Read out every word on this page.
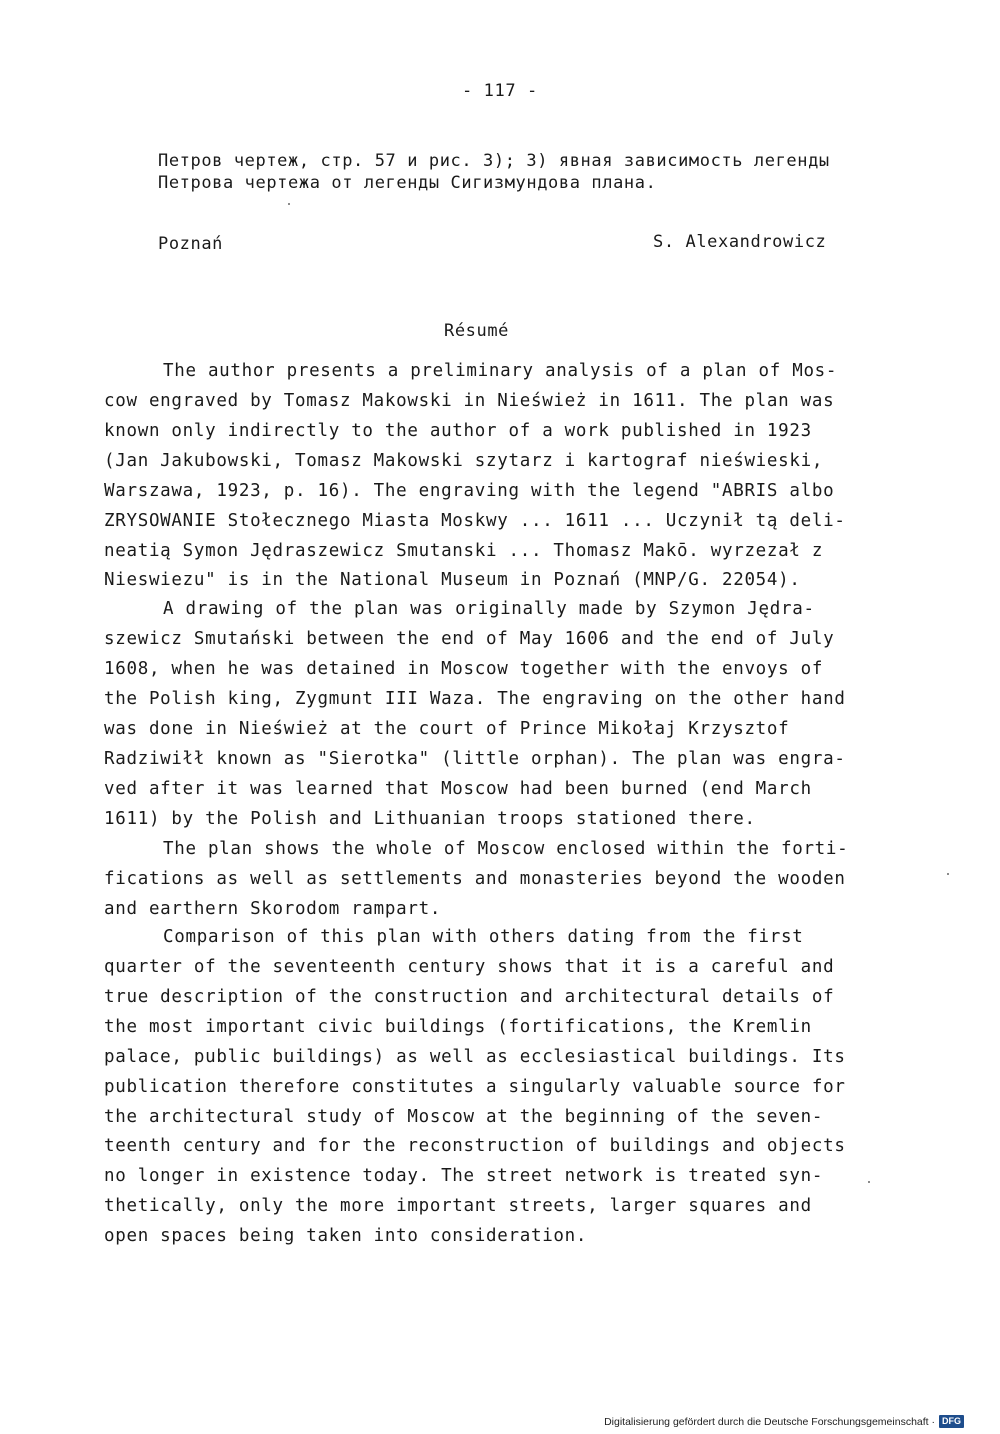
- 117 -
Петров чертеж, стр. 57 и рис. 3); 3) явная зависимость легенды
Петрова чертежа от легенды Сигизмундова плана.
Poznań	S. Alexandrowicz
Résumé
The author presents a preliminary analysis of a plan of Mos-
cow engraved by Tomasz Makowski in Nieśwież in 1611. The plan was
known only indirectly to the author of a work published in 1923
(Jan Jakubowski, Tomasz Makowski szytarz i kartograf nieświeski,
Warszawa, 1923, p. 16). The engraving with the legend "ABRIS albo
ZRYSOWANIE Stołecznego Miasta Moskwy ... 1611 ... Uczynił tą deli-
neatią Symon Jędraszewicz Smutanski ... Thomasz Makō. wyrzezał z
Nieswiezu" is in the National Museum in Poznań (MNP/G. 22054).
A drawing of the plan was originally made by Szymon Jędra-
szewicz Smutański between the end of May 1606 and the end of July
1608, when he was detained in Moscow together with the envoys of
the Polish king, Zygmunt III Waza. The engraving on the other hand
was done in Nieśwież at the court of Prince Mikołaj Krzysztof
Radziwiłł known as "Sierotka" (little orphan). The plan was engra-
ved after it was learned that Moscow had been burned (end March
1611) by the Polish and Lithuanian troops stationed there.
The plan shows the whole of Moscow enclosed within the forti-
fications as well as settlements and monasteries beyond the wooden
and earthern Skorodom rampart.
Comparison of this plan with others dating from the first
quarter of the seventeenth century shows that it is a careful and
true description of the construction and architectural details of
the most important civic buildings (fortifications, the Kremlin
palace, public buildings) as well as ecclesiastical buildings. Its
publication therefore constitutes a singularly valuable source for
the architectural study of Moscow at the beginning of the seven-
teenth century and for the reconstruction of buildings and objects
no longer in existence today. The street network is treated syn-
thetically, only the more important streets, larger squares and
open spaces being taken into consideration.
Digitalisierung gefördert durch die Deutsche Forschungsgemeinschaft · DFG
